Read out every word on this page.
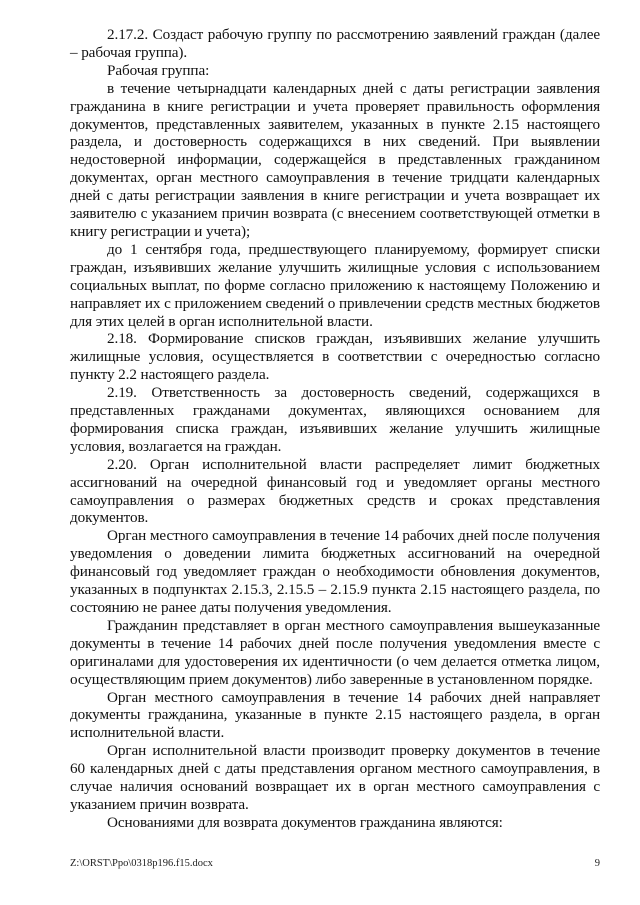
2.17.2. Создаст рабочую группу по рассмотрению заявлений граждан (далее – рабочая группа).

Рабочая группа:

в течение четырнадцати календарных дней с даты регистрации заявления гражданина в книге регистрации и учета проверяет правильность оформления документов, представленных заявителем, указанных в пункте 2.15 настоящего раздела, и достоверность содержащихся в них сведений. При выявлении недостоверной информации, содержащейся в представленных гражданином документах, орган местного самоуправления в течение тридцати календарных дней с даты регистрации заявления в книге регистрации и учета возвращает их заявителю с указанием причин возврата (с внесением соответствующей отметки в книгу регистрации и учета);

до 1 сентября года, предшествующего планируемому, формирует списки граждан, изъявивших желание улучшить жилищные условия с использованием социальных выплат, по форме согласно приложению к настоящему Положению и направляет их с приложением сведений о привлечении средств местных бюджетов для этих целей в орган исполнительной власти.

2.18. Формирование списков граждан, изъявивших желание улучшить жилищные условия, осуществляется в соответствии с очередностью согласно пункту 2.2 настоящего раздела.

2.19. Ответственность за достоверность сведений, содержащихся в представленных гражданами документах, являющихся основанием для формирования списка граждан, изъявивших желание улучшить жилищные условия, возлагается на граждан.

2.20. Орган исполнительной власти распределяет лимит бюджетных ассигнований на очередной финансовый год и уведомляет органы местного самоуправления о размерах бюджетных средств и сроках представления документов.

Орган местного самоуправления в течение 14 рабочих дней после получения уведомления о доведении лимита бюджетных ассигнований на очередной финансовый год уведомляет граждан о необходимости обновления документов, указанных в подпунктах 2.15.3, 2.15.5 – 2.15.9 пункта 2.15 настоящего раздела, по состоянию не ранее даты получения уведомления.

Гражданин представляет в орган местного самоуправления вышеуказанные документы в течение 14 рабочих дней после получения уведомления вместе с оригиналами для удостоверения их идентичности (о чем делается отметка лицом, осуществляющим прием документов) либо заверенные в установленном порядке.

Орган местного самоуправления в течение 14 рабочих дней направляет документы гражданина, указанные в пункте 2.15 настоящего раздела, в орган исполнительной власти.

Орган исполнительной власти производит проверку документов в течение 60 календарных дней с даты представления органом местного самоуправления, в случае наличия оснований возвращает их в орган местного самоуправления с указанием причин возврата.

Основаниями для возврата документов гражданина являются:

Z:\ORST\Ppo\0318p196.f15.docx	9
